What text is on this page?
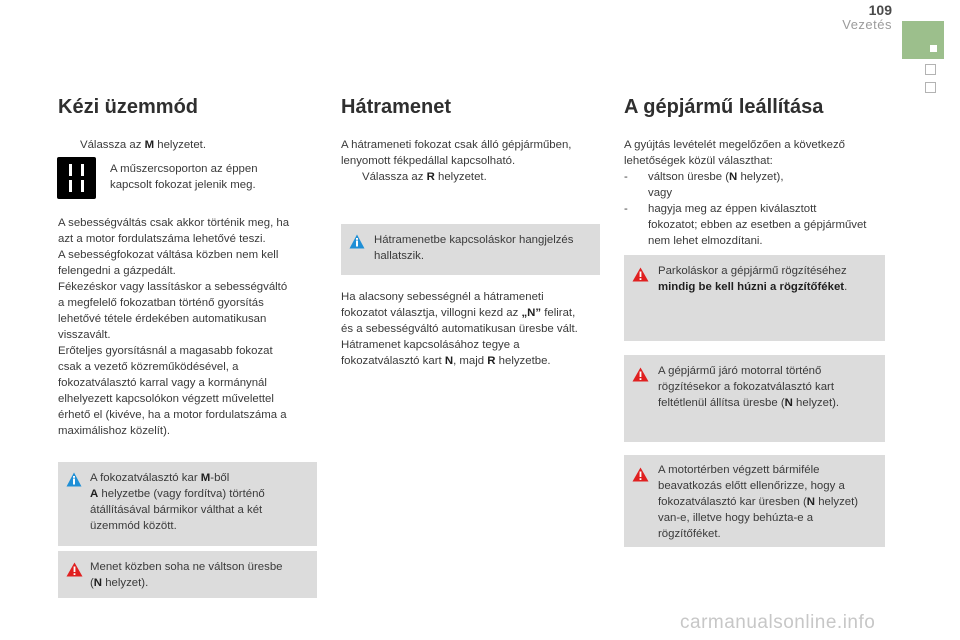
109
Vezetés
Kézi üzemmód

Válassza az M helyzetet.

A műszercsoporton az éppen
kapcsolt fokozat jelenik meg.

A sebességváltás csak akkor történik meg, ha
azt a motor fordulatszáma lehetővé teszi.
A sebességfokozat váltása közben nem kell
felengedni a gázpedált.
Fékezéskor vagy lassításkor a sebességváltó
a megfelelő fokozatban történő gyorsítás
lehetővé tétele érdekében automatikusan
visszavált.
Erőteljes gyorsításnál a magasabb fokozat
csak a vezető közreműködésével, a
fokozatválasztó karral vagy a kormánynál
elhelyezett kapcsolókon végzett művelettel
érhető el (kivéve, ha a motor fordulatszáma a
maximálishoz közelít).

A fokozatválasztó kar M-ből
A helyzetbe (vagy fordítva) történő
átállításával bármikor válthat a két
üzemmód között.

Menet közben soha ne váltson üresbe
(N helyzet).

Hátramenet

A hátrameneti fokozat csak álló gépjárműben,
lenyomott fékpedállal kapcsolható.

Válassza az R helyzetet.

Hátramenetbe kapcsoláskor hangjelzés
hallatszik.

Ha alacsony sebességnél a hátrameneti
fokozatot választja, villogni kezd az „N” felirat,
és a sebességváltó automatikusan üresbe vált.
Hátramenet kapcsolásához tegye a
fokozatválasztó kart N, majd R helyzetbe.

A gépjármű leállítása

A gyújtás levételét megelőzően a következő
lehetőségek közül választhat:

- váltson üresbe (N helyzet),
vagy

- hagyja meg az éppen kiválasztott
fokozatot; ebben az esetben a gépjárművet
nem lehet elmozdítani.

Parkoláskor a gépjármű rögzítéséhez
mindig be kell húzni a rögzítőféket.

A gépjármű járó motorral történő
rögzítésekor a fokozatválasztó kart
feltétlenül állítsa üresbe (N helyzet).

A motortérben végzett bármiféle
beavatkozás előtt ellenőrizze, hogy a
fokozatválasztó kar üresben (N helyzet)
van-e, illetve hogy behúzta-e a
rögzítőféket.

carmanualsonline.info
